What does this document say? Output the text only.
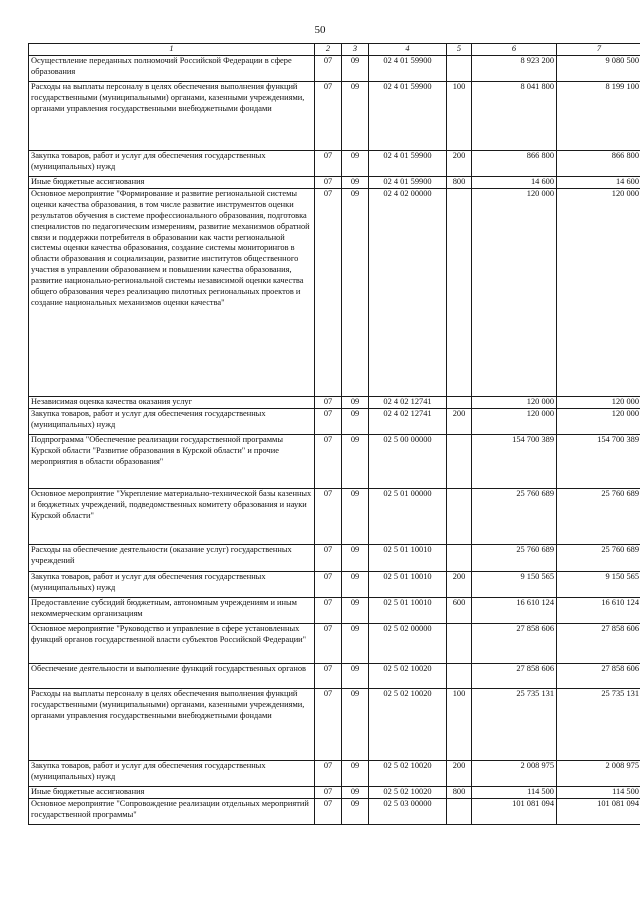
50
1	2	3	4	5	6	7
Осуществление переданных полномочий Российской Федерации в сфере образования	07	09	02 4 01 59900		8 923 200	9 080 500
Расходы на выплаты персоналу в целях обеспечения выполнения функций государственными (муниципальными) органами, казенными учреждениями, органами управления государственными внебюджетными фондами	07	09	02 4 01 59900	100	8 041 800	8 199 100
Закупка товаров, работ и услуг для обеспечения государственных (муниципальных) нужд	07	09	02 4 01 59900	200	866 800	866 800
Иные бюджетные ассигнования	07	09	02 4 01 59900	800	14 600	14 600
Основное мероприятие "Формирование и развитие региональной системы оценки качества образования, в том числе развитие инструментов оценки результатов обучения в системе профессионального образования, подготовка специалистов по педагогическим измерениям, развитие механизмов обратной связи и поддержки потребителя в образовании как части региональной системы оценки качества образования, создание системы мониторингов в области образования и социализации, развитие институтов общественного участия в управлении образованием и повышении качества образования, развитие национально-региональной системы независимой оценки качества общего образования через реализацию пилотных региональных проектов и создание национальных механизмов оценки качества"	07	09	02 4 02 00000		120 000	120 000
Независимая оценка качества оказания услуг	07	09	02 4 02 12741		120 000	120 000
Закупка товаров, работ и услуг для обеспечения государственных (муниципальных) нужд	07	09	02 4 02 12741	200	120 000	120 000
Подпрограмма "Обеспечение реализации государственной программы Курской области "Развитие образования в Курской области" и прочие мероприятия в области образования"	07	09	02 5 00 00000		154 700 389	154 700 389
Основное мероприятие "Укрепление материально-технической базы казенных и бюджетных учреждений, подведомственных комитету образования и науки Курской области"	07	09	02 5 01 00000		25 760 689	25 760 689
Расходы на обеспечение деятельности (оказание услуг) государственных учреждений	07	09	02 5 01 10010		25 760 689	25 760 689
Закупка товаров, работ и услуг для обеспечения государственных (муниципальных) нужд	07	09	02 5 01 10010	200	9 150 565	9 150 565
Предоставление субсидий бюджетным, автономным учреждениям и иным некоммерческим организациям	07	09	02 5 01 10010	600	16 610 124	16 610 124
Основное мероприятие "Руководство и управление в сфере установленных функций органов государственной власти субъектов Российской Федерации"	07	09	02 5 02 00000		27 858 606	27 858 606
Обеспечение деятельности и выполнение функций государственных органов	07	09	02 5 02 10020		27 858 606	27 858 606
Расходы на выплаты персоналу в целях обеспечения выполнения функций государственными (муниципальными) органами, казенными учреждениями, органами управления государственными внебюджетными фондами	07	09	02 5 02 10020	100	25 735 131	25 735 131
Закупка товаров, работ и услуг для обеспечения государственных (муниципальных) нужд	07	09	02 5 02 10020	200	2 008 975	2 008 975
Иные бюджетные ассигнования	07	09	02 5 02 10020	800	114 500	114 500
Основное мероприятие "Сопровождение реализации отдельных мероприятий государственной программы"	07	09	02 5 03 00000		101 081 094	101 081 094
